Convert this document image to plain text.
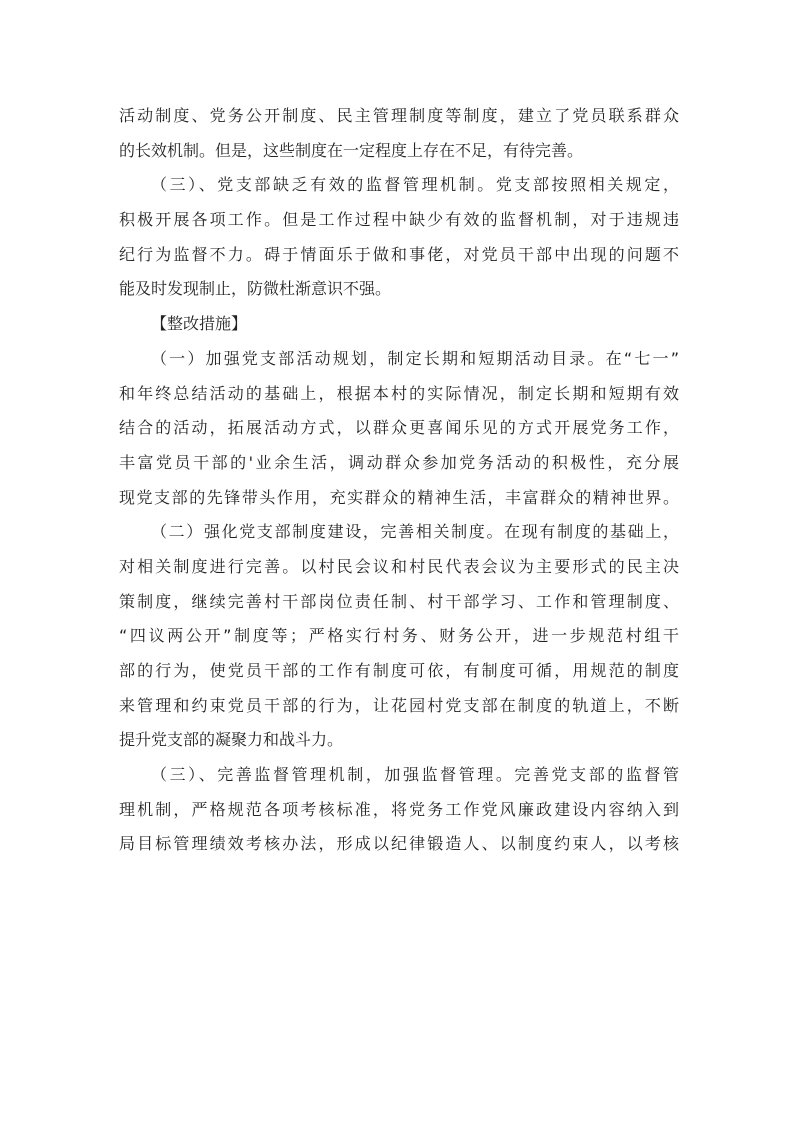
活动制度、党务公开制度、民主管理制度等制度，建立了党员联系群众
的长效机制。但是，这些制度在一定程度上存在不足，有待完善。
（三）、党支部缺乏有效的监督管理机制。党支部按照相关规定，
积极开展各项工作。但是工作过程中缺少有效的监督机制，对于违规违
纪行为监督不力。碍于情面乐于做和事佬，对党员干部中出现的问题不
能及时发现制止，防微杜渐意识不强。
【整改措施】
（一）加强党支部活动规划，制定长期和短期活动目录。在“七一”
和年终总结活动的基础上，根据本村的实际情况，制定长期和短期有效
结合的活动，拓展活动方式，以群众更喜闻乐见的方式开展党务工作，
丰富党员干部的'业余生活，调动群众参加党务活动的积极性，充分展
现党支部的先锋带头作用，充实群众的精神生活，丰富群众的精神世界。
（二）强化党支部制度建设，完善相关制度。在现有制度的基础上，
对相关制度进行完善。以村民会议和村民代表会议为主要形式的民主决
策制度，继续完善村干部岗位责任制、村干部学习、工作和管理制度、
“四议两公开”制度等；严格实行村务、财务公开，进一步规范村组干
部的行为，使党员干部的工作有制度可依，有制度可循，用规范的制度
来管理和约束党员干部的行为，让花园村党支部在制度的轨道上，不断
提升党支部的凝聚力和战斗力。
（三）、完善监督管理机制，加强监督管理。完善党支部的监督管
理机制，严格规范各项考核标准，将党务工作党风廉政建设内容纳入到
局目标管理绩效考核办法，形成以纪律锻造人、以制度约束人，以考核
